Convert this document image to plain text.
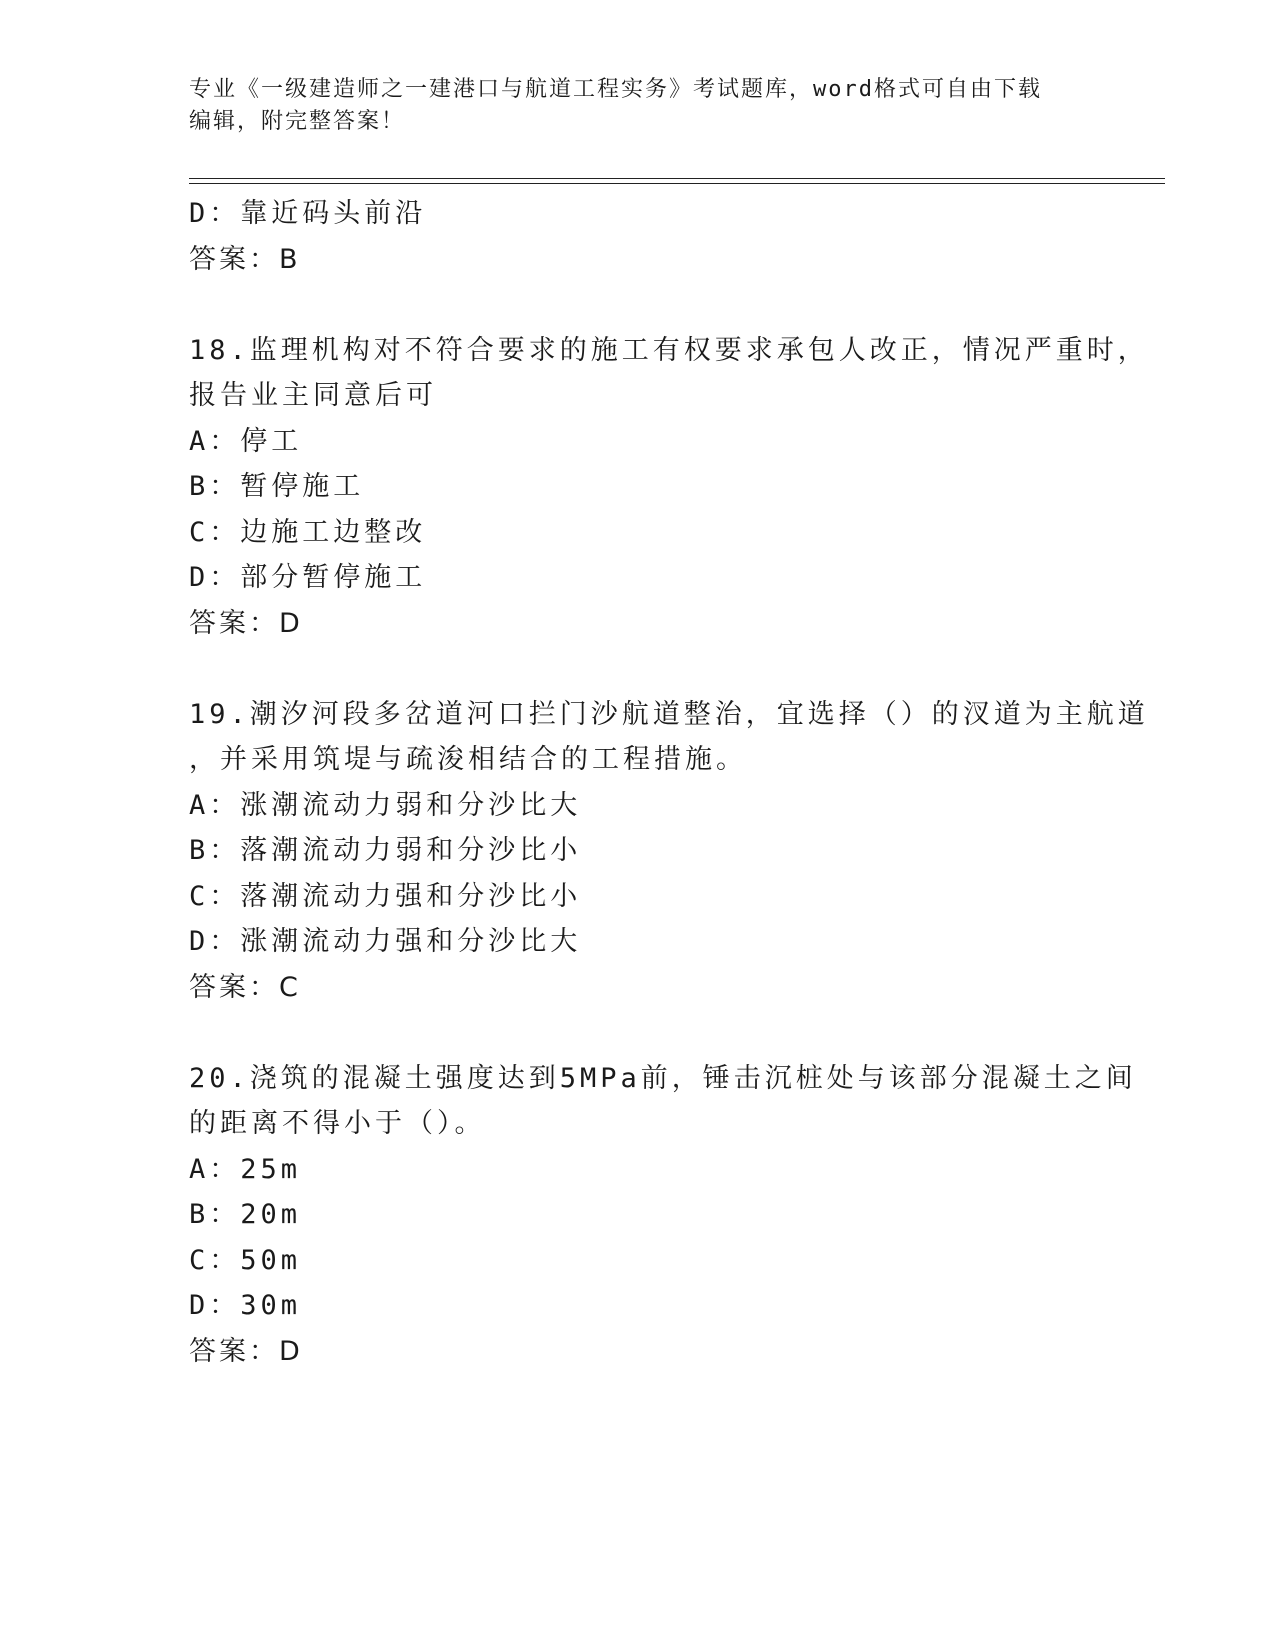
专业《一级建造师之一建港口与航道工程实务》考试题库，word格式可自由下载
编辑，附完整答案！
D：靠近码头前沿
答案：B
18.监理机构对不符合要求的施工有权要求承包人改正，情况严重时，
报告业主同意后可
A：停工
B：暂停施工
C：边施工边整改
D：部分暂停施工
答案：D
19.潮汐河段多岔道河口拦门沙航道整治，宜选择（）的汊道为主航道
，并采用筑堤与疏浚相结合的工程措施。
A：涨潮流动力弱和分沙比大
B：落潮流动力弱和分沙比小
C：落潮流动力强和分沙比小
D：涨潮流动力强和分沙比大
答案：C
20.浇筑的混凝土强度达到5MPa前，锤击沉桩处与该部分混凝土之间
的距离不得小于（）。
A：25m
B：20m
C：50m
D：30m
答案：D
